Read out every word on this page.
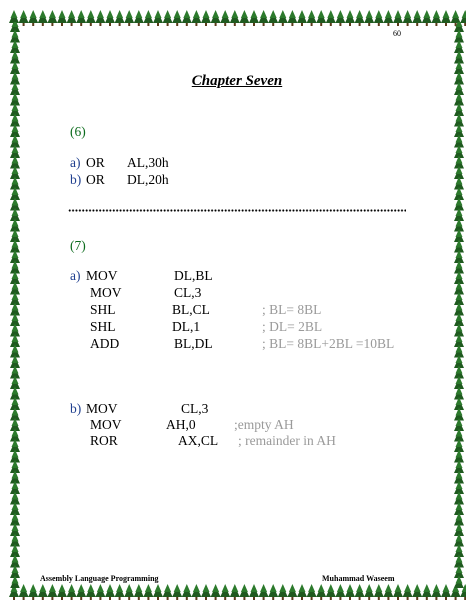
60
Chapter Seven
(6)
a) OR AL,30h
b) OR DL,20h
(7)
a) MOV	DL,BL
MOV	CL,3
SHL	BL,CL	; BL= 8BL
SHL	DL,1	; DL= 2BL
ADD	BL,DL	; BL= 8BL+2BL =10BL
b) MOV	CL,3
MOV	AH,0	;empty AH
ROR	AX,CL ; remainder in AH
Assembly Language Programming	Muhammad Waseem
